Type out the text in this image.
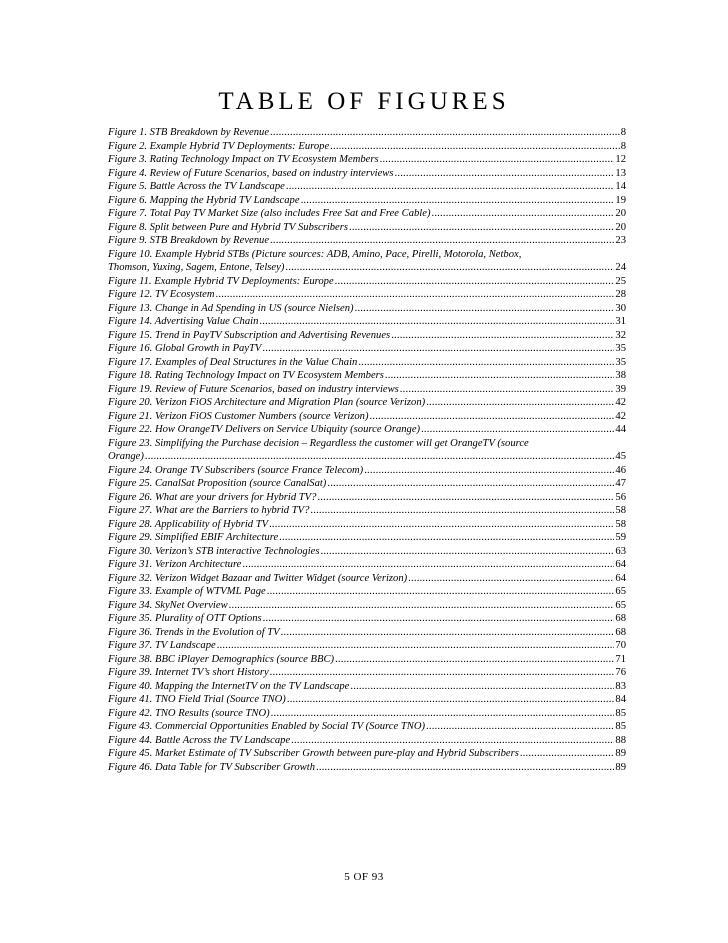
TABLE OF FIGURES
Figure 1. STB Breakdown by Revenue .....	8
Figure 2. Example Hybrid TV Deployments: Europe .....	8
Figure 3. Rating Technology Impact on TV Ecosystem Members .....	12
Figure 4. Review of Future Scenarios, based on industry interviews .....	13
Figure 5. Battle Across the TV Landscape .....	14
Figure 6. Mapping the Hybrid TV Landscape .....	19
Figure 7. Total Pay TV Market Size (also includes Free Sat and Free Cable) .....	20
Figure 8. Split between Pure and Hybrid TV Subscribers .....	20
Figure 9. STB Breakdown by Revenue .....	23
Figure 10. Example Hybrid STBs (Picture sources: ADB, Amino, Pace, Pirelli, Motorola, Netbox,
Thomson, Yuxing, Sagem, Entone, Telsey) .....	24
Figure 11. Example Hybrid TV Deployments: Europe .....	25
Figure 12. TV Ecosystem .....	28
Figure 13. Change in Ad Spending in US (source Nielsen) .....	30
Figure 14. Advertising Value Chain .....	31
Figure 15. Trend in PayTV Subscription and Advertising Revenues .....	32
Figure 16. Global Growth in PayTV .....	35
Figure 17. Examples of Deal Structures in the Value Chain .....	35
Figure 18. Rating Technology Impact on TV Ecosystem Members .....	38
Figure 19. Review of Future Scenarios, based on industry interviews .....	39
Figure 20. Verizon FiOS Architecture and Migration Plan (source Verizon) .....	42
Figure 21. Verizon FiOS Customer Numbers (source Verizon) .....	42
Figure 22. How OrangeTV Delivers on Service Ubiquity (source Orange) .....	44
Figure 23. Simplifying the Purchase decision – Regardless the customer will get OrangeTV (source
Orange) .....	45
Figure 24. Orange TV Subscribers (source France Telecom) .....	46
Figure 25. CanalSat Proposition (source CanalSat) .....	47
Figure 26. What are your drivers for Hybrid TV? .....	56
Figure 27. What are the Barriers to hybrid TV? .....	58
Figure 28. Applicability of Hybrid TV .....	58
Figure 29. Simplified EBIF Architecture .....	59
Figure 30. Verizon’s STB interactive Technologies .....	63
Figure 31. Verizon Architecture .....	64
Figure 32. Verizon Widget Bazaar and Twitter Widget (source Verizon) .....	64
Figure 33. Example of WTVML Page .....	65
Figure 34. SkyNet Overview .....	65
Figure 35. Plurality of OTT Options .....	68
Figure 36. Trends in the Evolution of TV .....	68
Figure 37. TV Landscape .....	70
Figure 38. BBC iPlayer Demographics (source BBC) .....	71
Figure 39. Internet TV’s short History .....	76
Figure 40. Mapping the InternetTV on the TV Landscape .....	83
Figure 41. TNO Field Trial (Source TNO) .....	84
Figure 42. TNO Results (source TNO) .....	85
Figure 43. Commercial Opportunities Enabled by Social TV (Source TNO) .....	85
Figure 44. Battle Across the TV Landscape .....	88
Figure 45. Market Estimate of TV Subscriber Growth between pure-play and Hybrid Subscribers .....	89
Figure 46. Data Table for TV Subscriber Growth .....	89
5 OF 93
